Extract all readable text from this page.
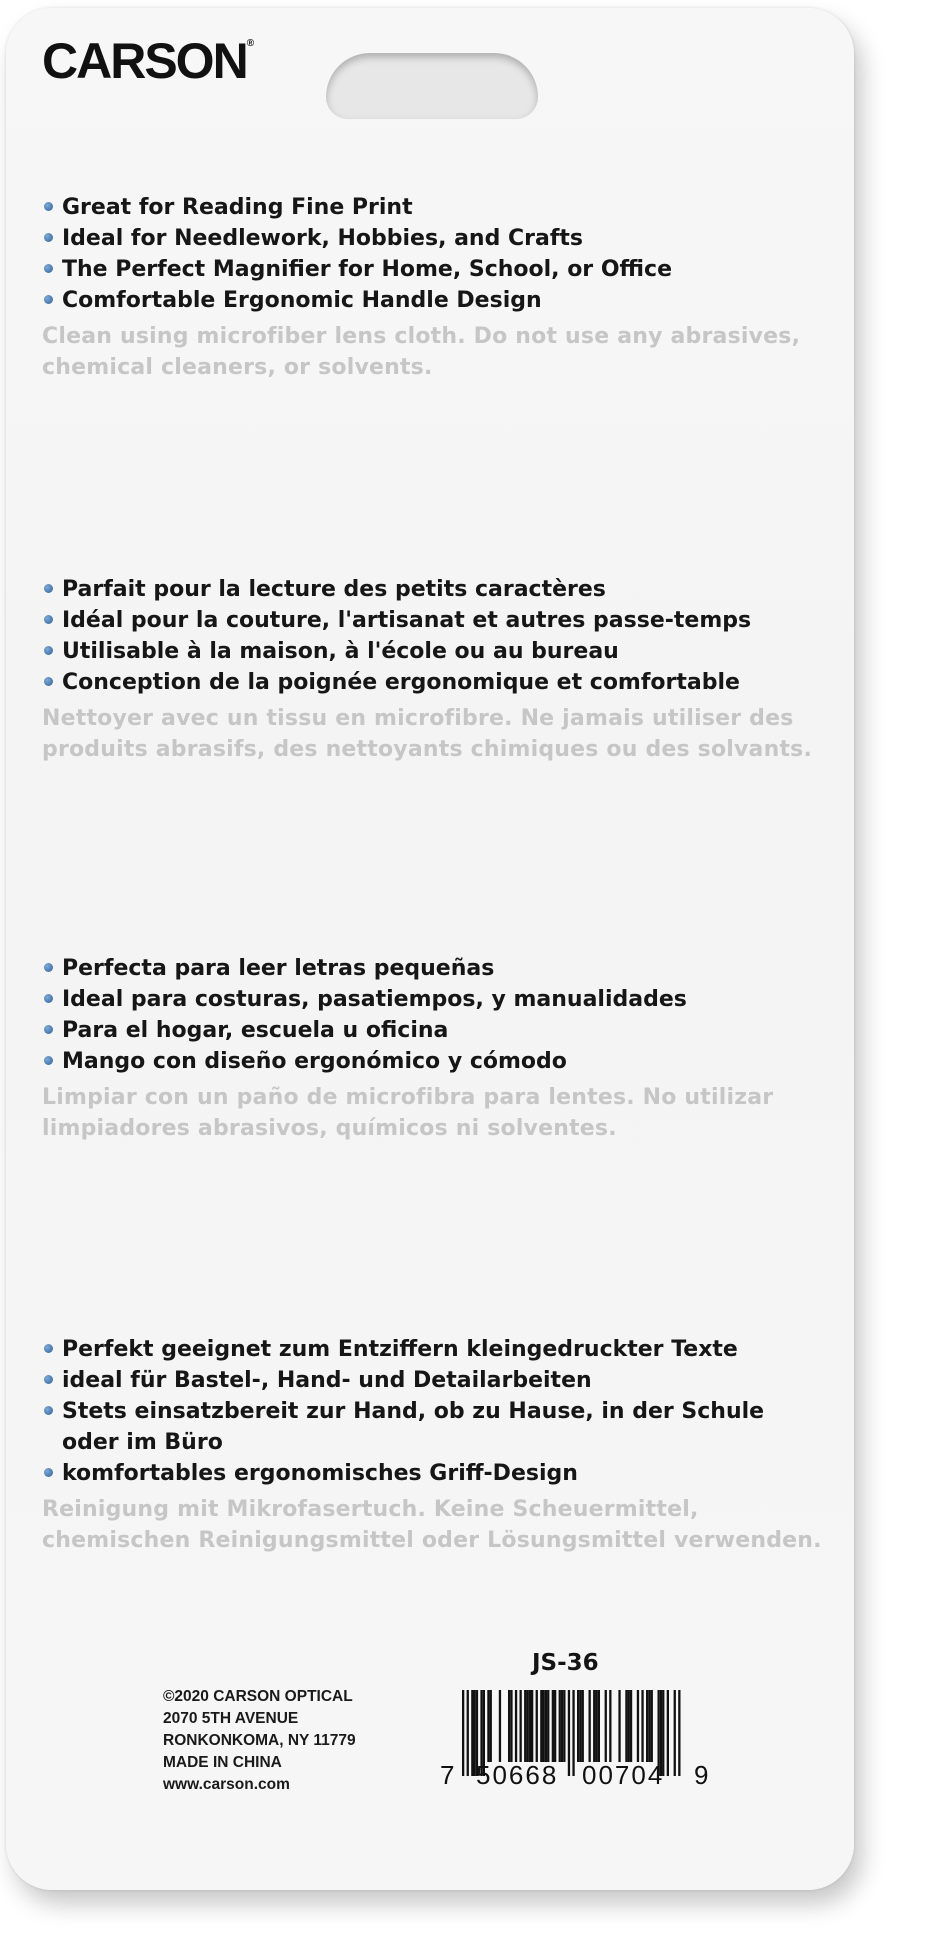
CARSON®
Great for Reading Fine Print
Ideal for Needlework, Hobbies, and Crafts
The Perfect Magnifier for Home, School, or Office
Comfortable Ergonomic Handle Design
Clean using microfiber lens cloth. Do not use any abrasives, chemical cleaners, or solvents.
Parfait pour la lecture des petits caractères
Idéal pour la couture, l'artisanat et autres passe-temps
Utilisable à la maison, à l'école ou au bureau
Conception de la poignée ergonomique et comfortable
Nettoyer avec un tissu en microfibre. Ne jamais utiliser des produits abrasifs, des nettoyants chimiques ou des solvants.
Perfecta para leer letras pequeñas
Ideal para costuras, pasatiempos, y manualidades
Para el hogar, escuela u oficina
Mango con diseño ergonómico y cómodo
Limpiar con un paño de microfibra para lentes. No utilizar limpiadores abrasivos, químicos ni solventes.
Perfekt geeignet zum Entziffern kleingedruckter Texte
ideal für Bastel-, Hand- und Detailarbeiten
Stets einsatzbereit zur Hand, ob zu Hause, in der Schule oder im Büro
komfortables ergonomisches Griff-Design
Reinigung mit Mikrofasertuch. Keine Scheuermittel, chemischen Reinigungsmittel oder Lösungsmittel verwenden.
JS-36
©2020 CARSON OPTICAL
2070 5TH AVENUE
RONKONKOMA, NY 11779
MADE IN CHINA
www.carson.com	7 50668 00704 9
